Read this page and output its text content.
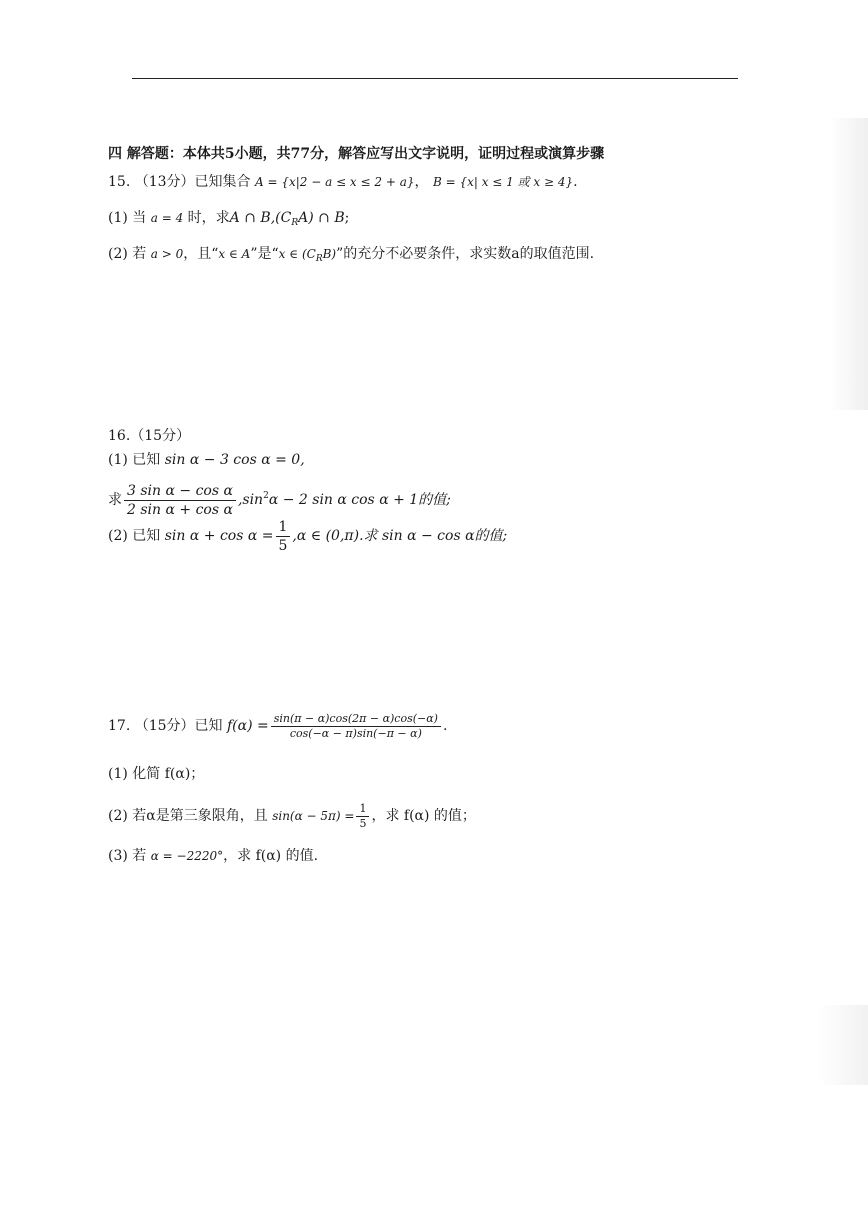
四 解答题：本体共5小题，共77分，解答应写出文字说明，证明过程或演算步骤
15. （13分）已知集合 A = {x|2 − a ≤ x ≤ 2 + a}， B = {x| x ≤ 1 或 x ≥ 4}.
(1) 当 a = 4 时，求A ∩ $B,(C_RA)$ ∩ B;
(2) 若 a > 0，且“x ∈ A”是“x ∈ $(C_RB)$”的充分不必要条件，求实数a的取值范围.
16.（15分）
(1) 已知 sin α − 3 cos α = 0,
求 $\frac{\text{3 sin α − cos α}}{\text{2 sin α + cos α}} ,\sin^2\alpha - 2$ sin α cos α + 1的值;
(2) 已知 $\sin \alpha + \cos \alpha = \frac{1}{5} ,\alpha$ ∈ (0,π).求 sin α − cos α的值;
17. （15分）已知 $f(\alpha) = \frac{\sin(\pi - \alpha)\cos(2\pi - \alpha)\cos(-\alpha)}{\cos(-\alpha - \pi)\sin(-\pi - \alpha)}$ .
(1) 化简 f(α)；
(2) 若α是第三象限角，且 $\sin(\alpha - 5\pi) = \frac{1}{5}$ ，求 f(α) 的值；
(3) 若 α = −2220°，求 f(α) 的值.
